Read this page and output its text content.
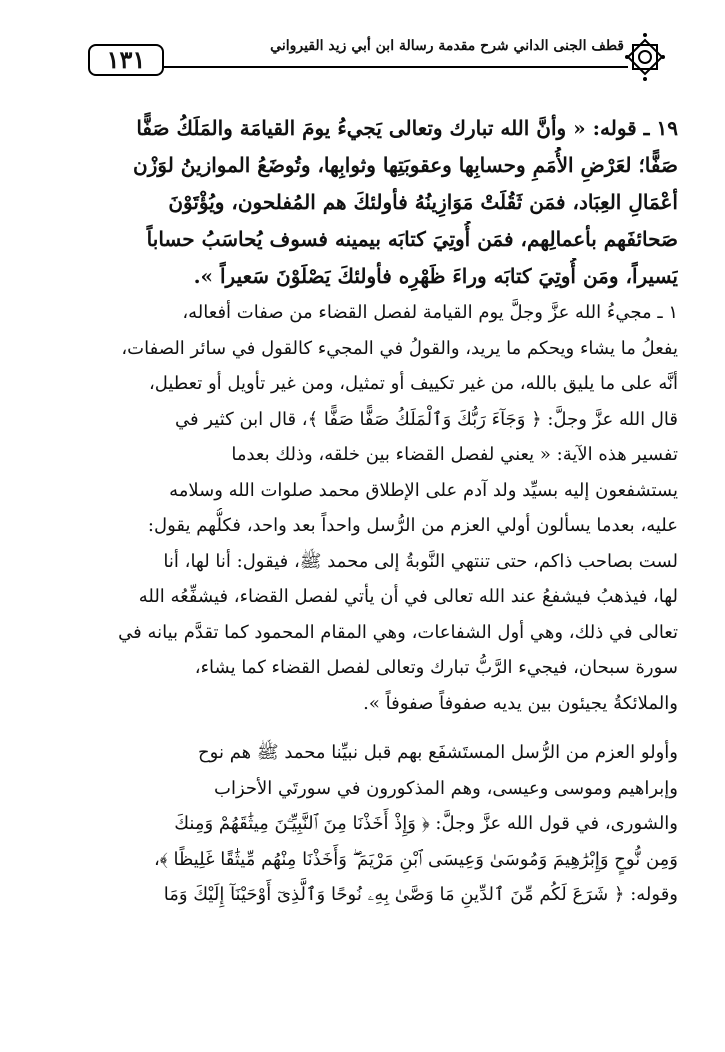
قطف الجنى الداني شرح مقدمة رسالة ابن أبي زيد القيرواني
١٣١
١٩ ـ قوله: « وأنَّ الله تبارك وتعالى يَجيءُ يومَ القيامَة والمَلَكُ صَفًّا
صَفًّا؛ لعَرْضِ الأُمَمِ وحسابِها وعقوبَتِها وثوابِها، وتُوضَعُ الموازينُ لوَزْن
أعْمَالِ العِبَاد، فمَن ثَقُلَتْ مَوَازِينُهُ فأولئكَ هم المُفلحون، ويُؤْتَوْنَ
صَحائفَهم بأعمالِهم، فمَن أُوتِيَ كتابَه بيمينه فسوف يُحاسَبُ حساباً
يَسيراً، ومَن أُوتِيَ كتابَه وراءَ ظَهْرِه فأولئكَ يَصْلَوْنَ سَعيراً ».
١ ـ مجيءُ الله عزَّ وجلَّ يوم القيامة لفصل القضاء من صفات أفعاله،
يفعلُ ما يشاء ويحكم ما يريد، والقولُ في المجيء كالقول في سائر الصفات،
أنَّه على ما يليق بالله، من غير تكييف أو تمثيل، ومن غير تأويل أو تعطيل،
قال الله عزَّ وجلَّ: ﴿ وَجَآءَ رَبُّكَ وَٱلْمَلَكُ صَفًّا صَفًّا ﴾، قال ابن كثير في
تفسير هذه الآية: « يعني لفصل القضاء بين خلقه، وذلك بعدما
يستشفعون إليه بسيِّد ولد آدم على الإطلاق محمد صلوات الله وسلامه
عليه، بعدما يسألون أولي العزم من الرُّسل واحداً بعد واحد، فكلُّهم يقول:
لست بصاحب ذاكم، حتى تنتهي النَّوبةُ إلى محمد ﷺ، فيقول: أنا لها، أنا
لها، فيذهبُ فيشفعُ عند الله تعالى في أن يأتي لفصل القضاء، فيشفِّعُه الله
تعالى في ذلك، وهي أول الشفاعات، وهي المقام المحمود كما تقدَّم بيانه في
سورة سبحان، فيجيء الرَّبُّ تبارك وتعالى لفصل القضاء كما يشاء،
والملائكةُ يجيئون بين يديه صفوفاً صفوفاً ».
وأولو العزم من الرُّسل المستَشفَع بهم قبل نبيِّنا محمد ﷺ هم نوح
وإبراهيم وموسى وعيسى، وهم المذكورون في سورتَي الأحزاب
والشورى، في قول الله عزَّ وجلَّ: ﴿ وَإِذْ أَخَذْنَا مِنَ ٱلنَّبِيِّـۧنَ مِيثَٰقَهُمْ وَمِنكَ
وَمِن نُّوحٍ وَإِبْرَٰهِيمَ وَمُوسَىٰ وَعِيسَى ٱبْنِ مَرْيَمَ ۖ وَأَخَذْنَا مِنْهُم مِّيثَٰقًا غَلِيظًا ﴾،
وقوله: ﴿ شَرَعَ لَكُم مِّنَ ٱلدِّينِ مَا وَصَّىٰ بِهِۦ نُوحًا وَٱلَّذِىٓ أَوْحَيْنَآ إِلَيْكَ وَمَا
